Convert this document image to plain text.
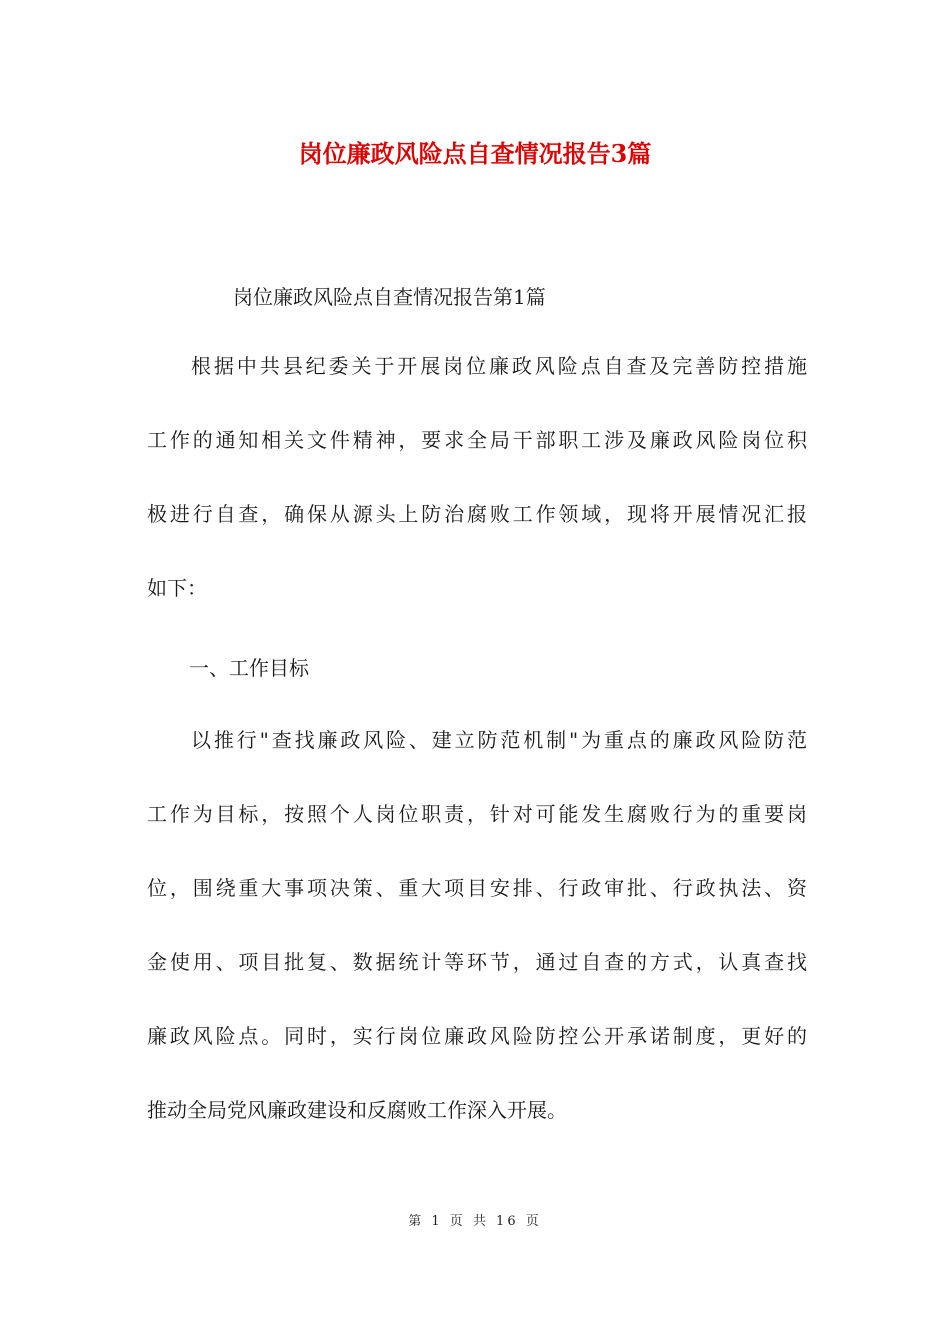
岗位廉政风险点自查情况报告3篇

岗位廉政风险点自查情况报告第1篇

根据中共县纪委关于开展岗位廉政风险点自查及完善防控措施
工作的通知相关文件精神，要求全局干部职工涉及廉政风险岗位积
极进行自查，确保从源头上防治腐败工作领域，现将开展情况汇报
如下：

一、工作目标

以推行"查找廉政风险、建立防范机制"为重点的廉政风险防范
工作为目标，按照个人岗位职责，针对可能发生腐败行为的重要岗
位，围绕重大事项决策、重大项目安排、行政审批、行政执法、资
金使用、项目批复、数据统计等环节，通过自查的方式，认真查找
廉政风险点。同时，实行岗位廉政风险防控公开承诺制度，更好的
推动全局党风廉政建设和反腐败工作深入开展。
第 1 页 共 16 页
